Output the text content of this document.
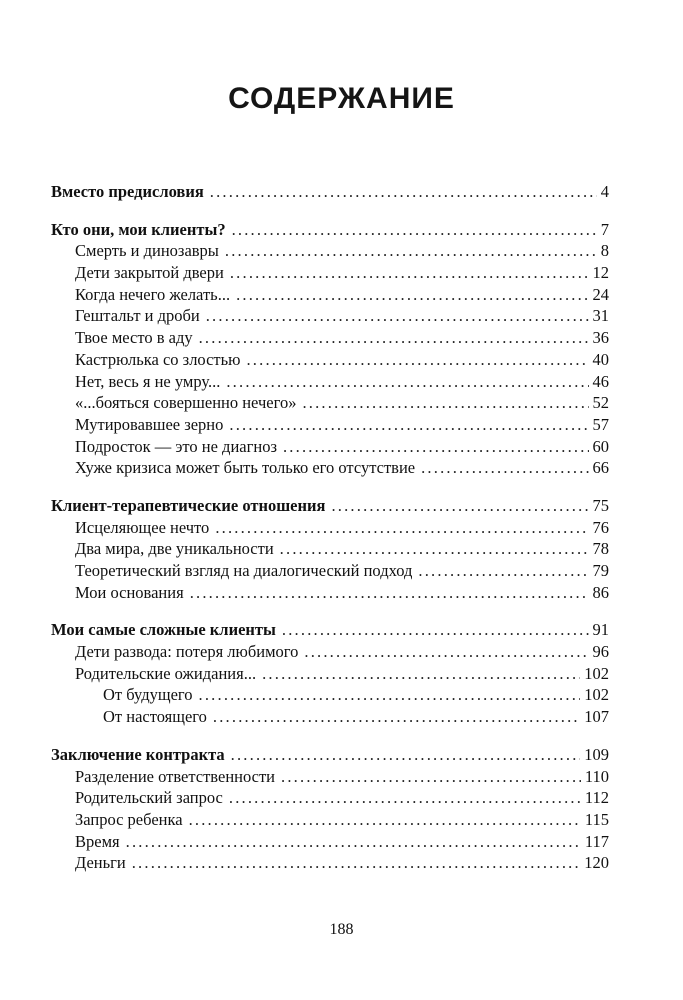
СОДЕРЖАНИЕ
Вместо предисловия .....	4
Кто они, мои клиенты? .....	7
Смерть и динозавры .....	8
Дети закрытой двери .....	12
Когда нечего желать... .....	24
Гештальт и дроби .....	31
Твое место в аду .....	36
Кастрюлька со злостью .....	40
Нет, весь я не умру... .....	46
«...бояться совершенно нечего» .....	52
Мутировавшее зерно .....	57
Подросток — это не диагноз .....	60
Хуже кризиса может быть только его отсутствие .....	66
Клиент-терапевтические отношения .....	75
Исцеляющее нечто .....	76
Два мира, две уникальности .....	78
Теоретический взгляд на диалогический подход .....	79
Мои основания .....	86
Мои самые сложные клиенты .....	91
Дети развода: потеря любимого .....	96
Родительские ожидания... .....	102
От будущего .....	102
От настоящего .....	107
Заключение контракта .....	109
Разделение ответственности .....	110
Родительский запрос .....	112
Запрос ребенка .....	115
Время .....	117
Деньги .....	120
188
